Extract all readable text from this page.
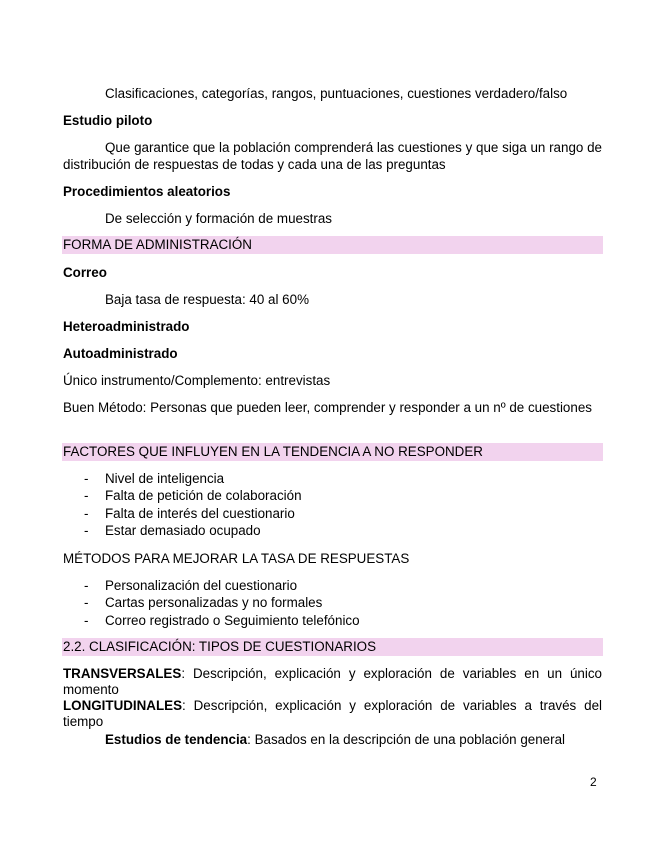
Clasificaciones, categorías, rangos, puntuaciones, cuestiones verdadero/falso
Estudio piloto
Que garantice que la población comprenderá las cuestiones y que siga un rango de distribución de respuestas de todas y cada una de las preguntas
Procedimientos aleatorios
De selección y formación de muestras
FORMA DE ADMINISTRACIÓN
Correo
Baja tasa de respuesta: 40 al 60%
Heteroadministrado
Autoadministrado
Único instrumento/Complemento: entrevistas
Buen Método: Personas que pueden leer, comprender y responder a un nº de cuestiones
FACTORES QUE INFLUYEN EN LA TENDENCIA A NO RESPONDER
- Nivel de inteligencia
- Falta de petición de colaboración
- Falta de interés del cuestionario
- Estar demasiado ocupado
MÉTODOS PARA MEJORAR LA TASA DE RESPUESTAS
- Personalización del cuestionario
- Cartas personalizadas y no formales
- Correo registrado o Seguimiento telefónico
2.2. CLASIFICACIÓN: TIPOS DE CUESTIONARIOS
TRANSVERSALES: Descripción, explicación y exploración de variables en un único momento
LONGITUDINALES: Descripción, explicación y exploración de variables a través del tiempo
Estudios de tendencia: Basados en la descripción de una población general
2
